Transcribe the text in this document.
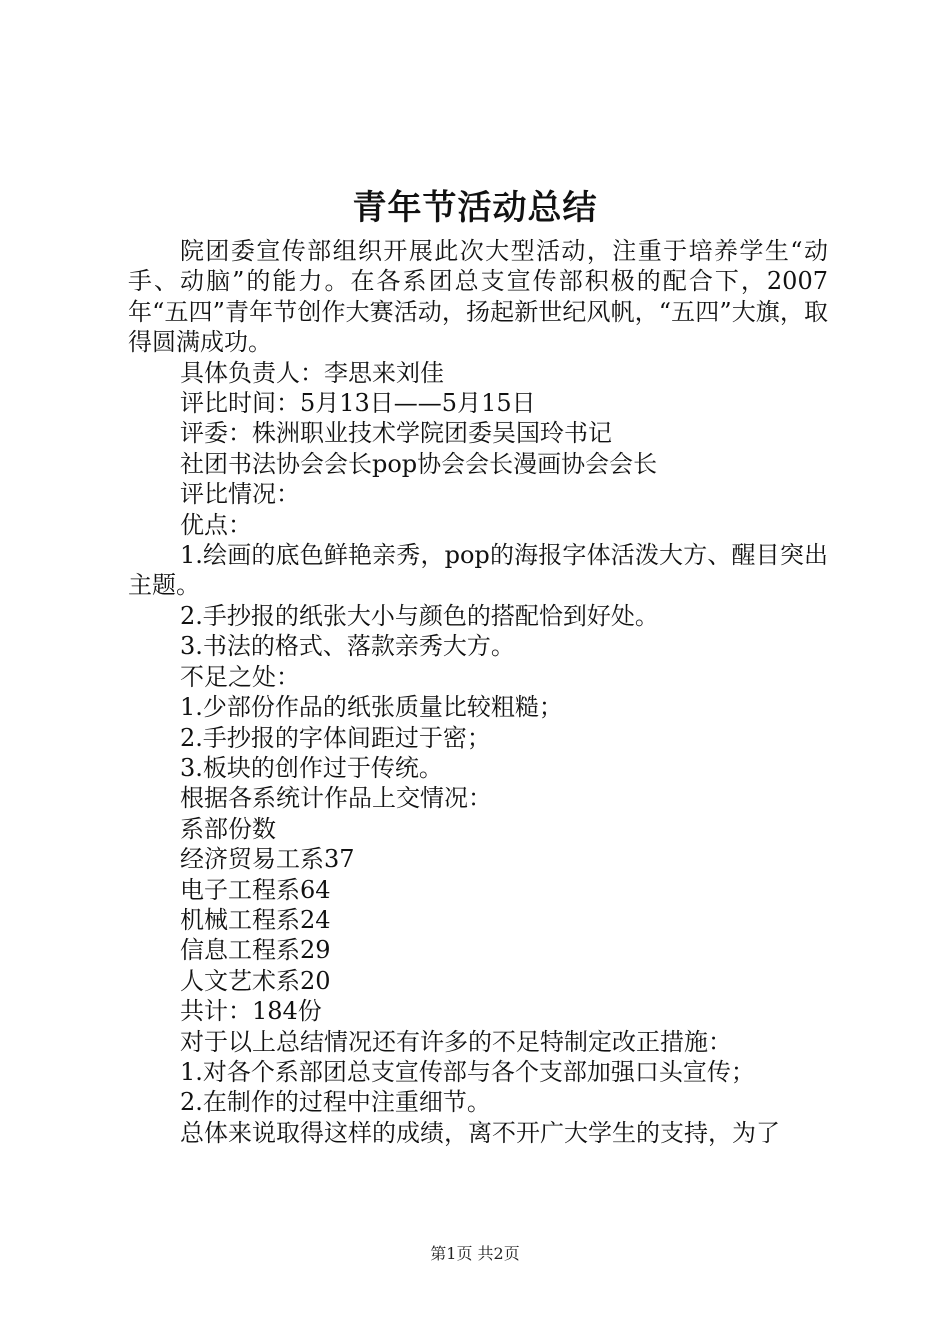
青年节活动总结

院团委宣传部组织开展此次大型活动，注重于培养学生“动手、动脑”的能力。在各系团总支宣传部积极的配合下，2007年“五四”青年节创作大赛活动，扬起新世纪风帆，“五四”大旗，取得圆满成功。

具体负责人：李思来刘佳

评比时间：5月13日——5月15日

评委：株洲职业技术学院团委吴国玲书记

社团书法协会会长pop协会会长漫画协会会长

评比情况：

优点：

1.绘画的底色鲜艳亲秀，pop的海报字体活泼大方、醒目突出主题。

2.手抄报的纸张大小与颜色的搭配恰到好处。

3.书法的格式、落款亲秀大方。

不足之处：

1.少部份作品的纸张质量比较粗糙；

2.手抄报的字体间距过于密；

3.板块的创作过于传统。

根据各系统计作品上交情况：

系部份数

经济贸易工系37

电子工程系64

机械工程系24

信息工程系29

人文艺术系20

共计：184份

对于以上总结情况还有许多的不足特制定改正措施：

1.对各个系部团总支宣传部与各个支部加强口头宣传；

2.在制作的过程中注重细节。

总体来说取得这样的成绩，离不开广大学生的支持，为了

第1页 共2页
